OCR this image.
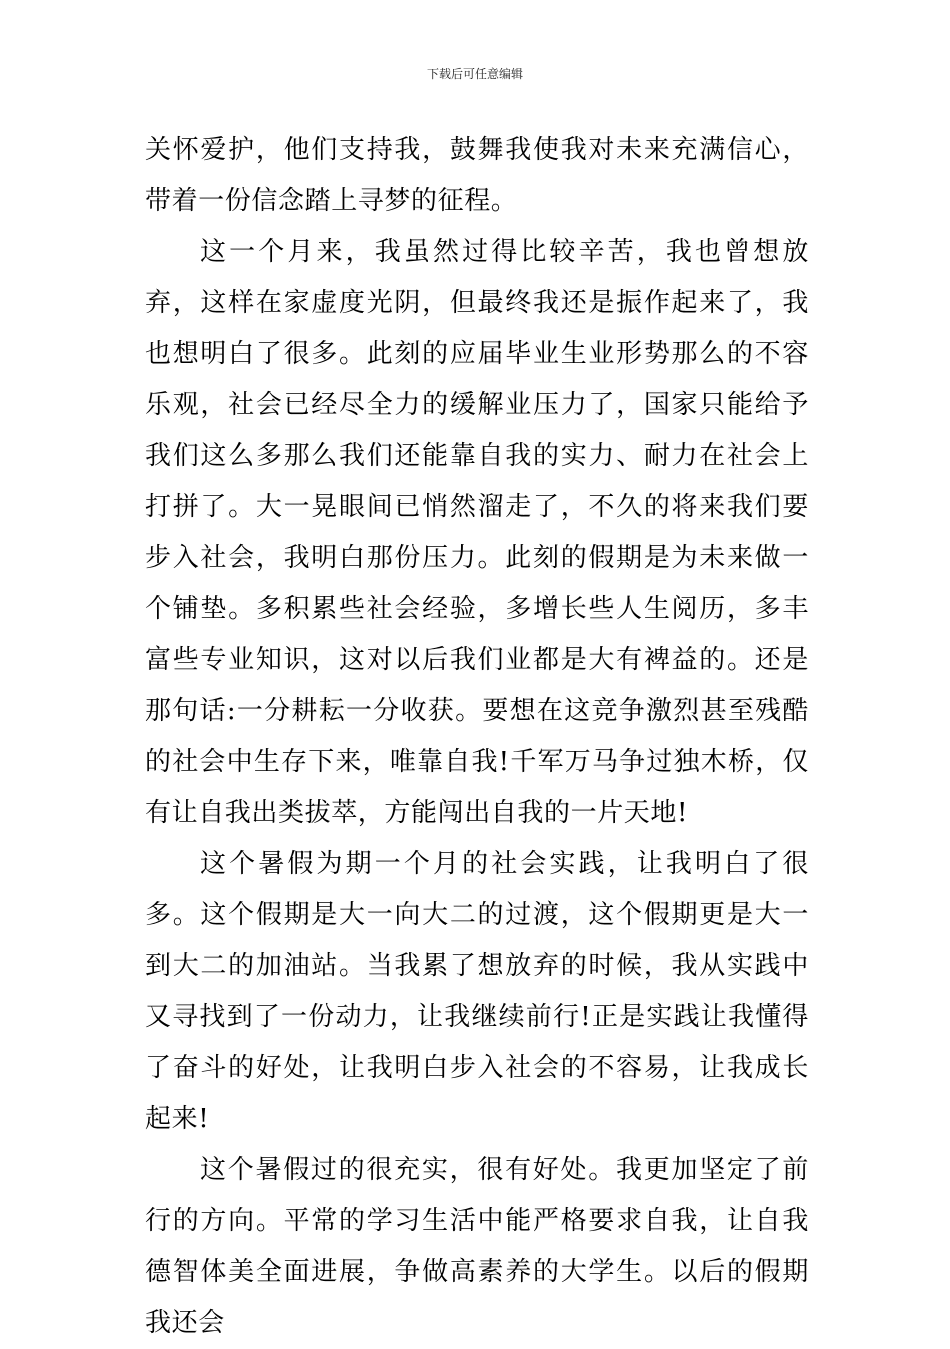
下载后可任意编辑

关怀爱护，他们支持我，鼓舞我使我对未来充满信心，带着一份信念踏上寻梦的征程。

这一个月来，我虽然过得比较辛苦，我也曾想放弃，这样在家虚度光阴，但最终我还是振作起来了，我也想明白了很多。此刻的应届毕业生业形势那么的不容乐观，社会已经尽全力的缓解业压力了，国家只能给予我们这么多那么我们还能靠自我的实力、耐力在社会上打拼了。大一晃眼间已悄然溜走了，不久的将来我们要步入社会，我明白那份压力。此刻的假期是为未来做一个铺垫。多积累些社会经验，多增长些人生阅历，多丰富些专业知识，这对以后我们业都是大有裨益的。还是那句话:一分耕耘一分收获。要想在这竞争激烈甚至残酷的社会中生存下来，唯靠自我!千军万马争过独木桥，仅有让自我出类拔萃，方能闯出自我的一片天地!

这个暑假为期一个月的社会实践，让我明白了很多。这个假期是大一向大二的过渡，这个假期更是大一到大二的加油站。当我累了想放弃的时候，我从实践中又寻找到了一份动力，让我继续前行!正是实践让我懂得了奋斗的好处，让我明白步入社会的不容易，让我成长起来!

这个暑假过的很充实，很有好处。我更加坚定了前行的方向。平常的学习生活中能严格要求自我，让自我德智体美全面进展，争做高素养的大学生。以后的假期我还会
